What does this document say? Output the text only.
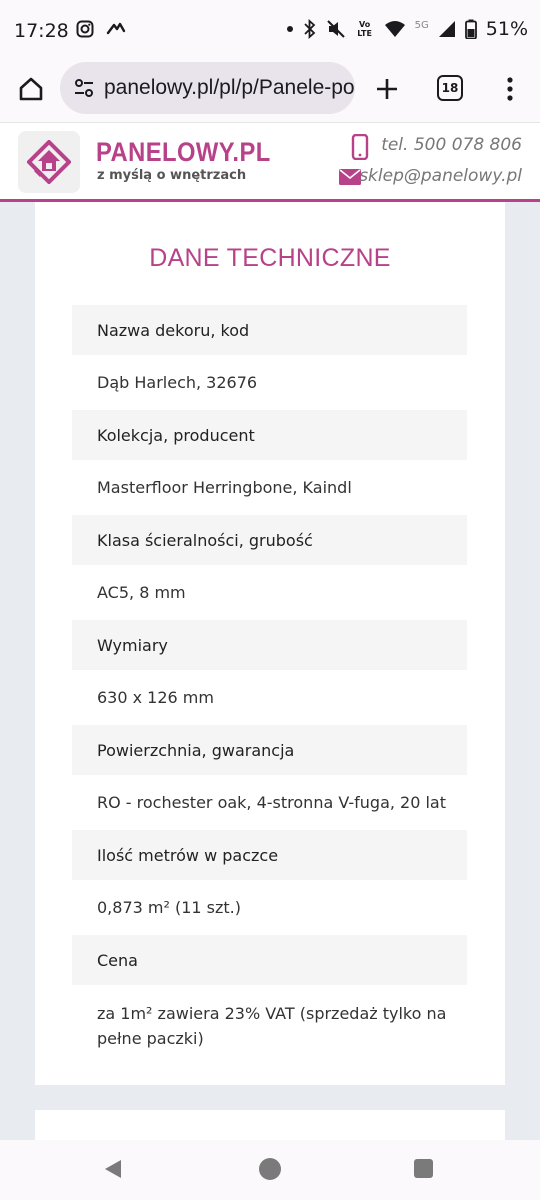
17:28	Vo LTE
5G	51%
panelowy.pl/pl/p/Panele-po	18
PANELOWY.PL
z myślą o wnętrzach
tel. 500 078 806
sklep@panelowy.pl
DANE TECHNICZNE
Nazwa dekoru, kod
Dąb Harlech, 32676
Kolekcja, producent
Masterfloor Herringbone, Kaindl
Klasa ścieralności, grubość
AC5, 8 mm
Wymiary
630 x 126 mm
Powierzchnia, gwarancja
RO - rochester oak, 4-stronna V-fuga, 20 lat
Ilość metrów w paczce
0,873 m² (11 szt.)
Cena
za 1m² zawiera 23% VAT (sprzedaż tylko na pełne paczki)
